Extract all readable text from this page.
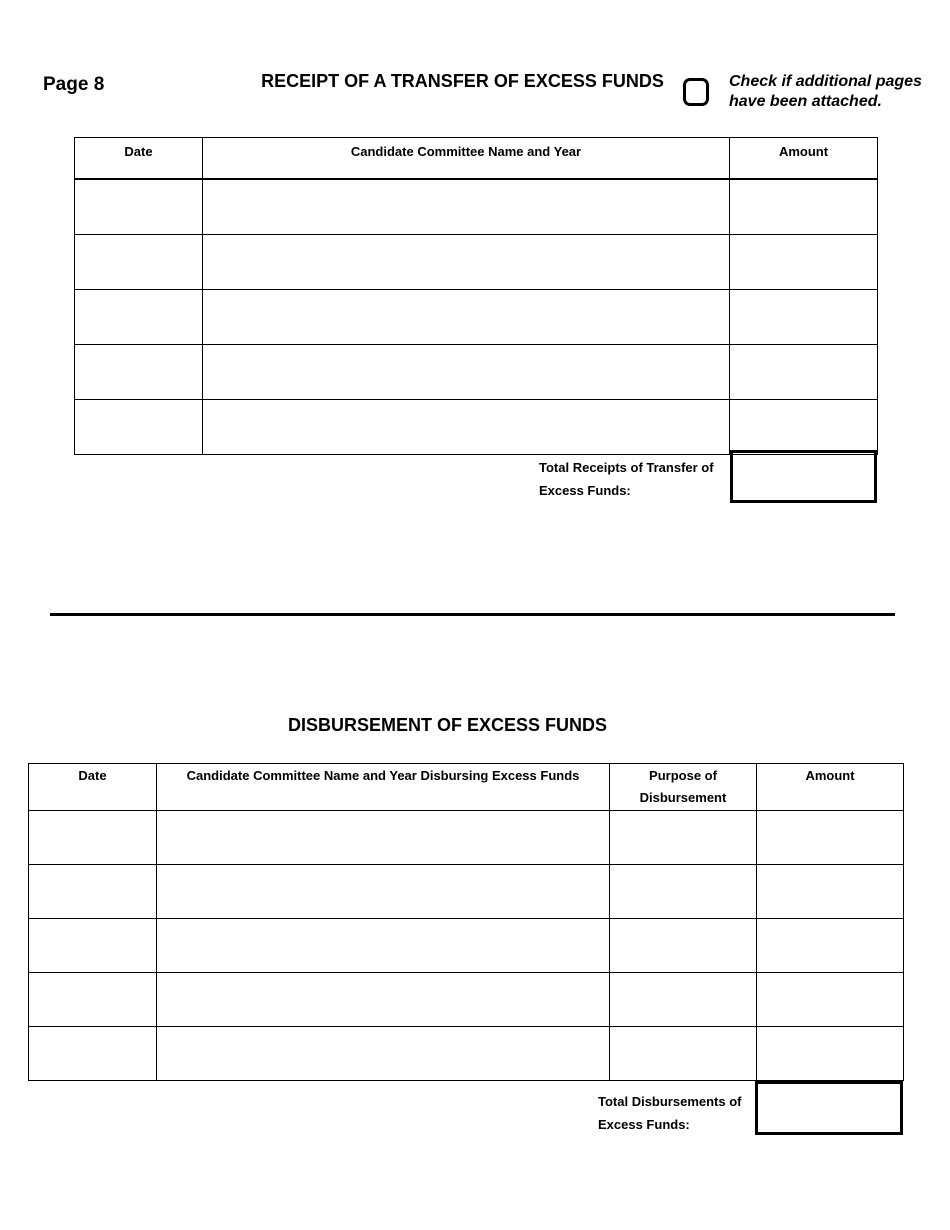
Page 8	RECEIPT OF A TRANSFER OF EXCESS FUNDS	Check if additional pages
have been attached.
Date	Candidate Committee Name and Year	Amount

Total Receipts of Transfer of
Excess Funds:
DISBURSEMENT OF EXCESS FUNDS
Date	Candidate Committee Name and Year Disbursing Excess Funds	Purpose of Disbursement	Amount

Total Disbursements of
Excess Funds:
